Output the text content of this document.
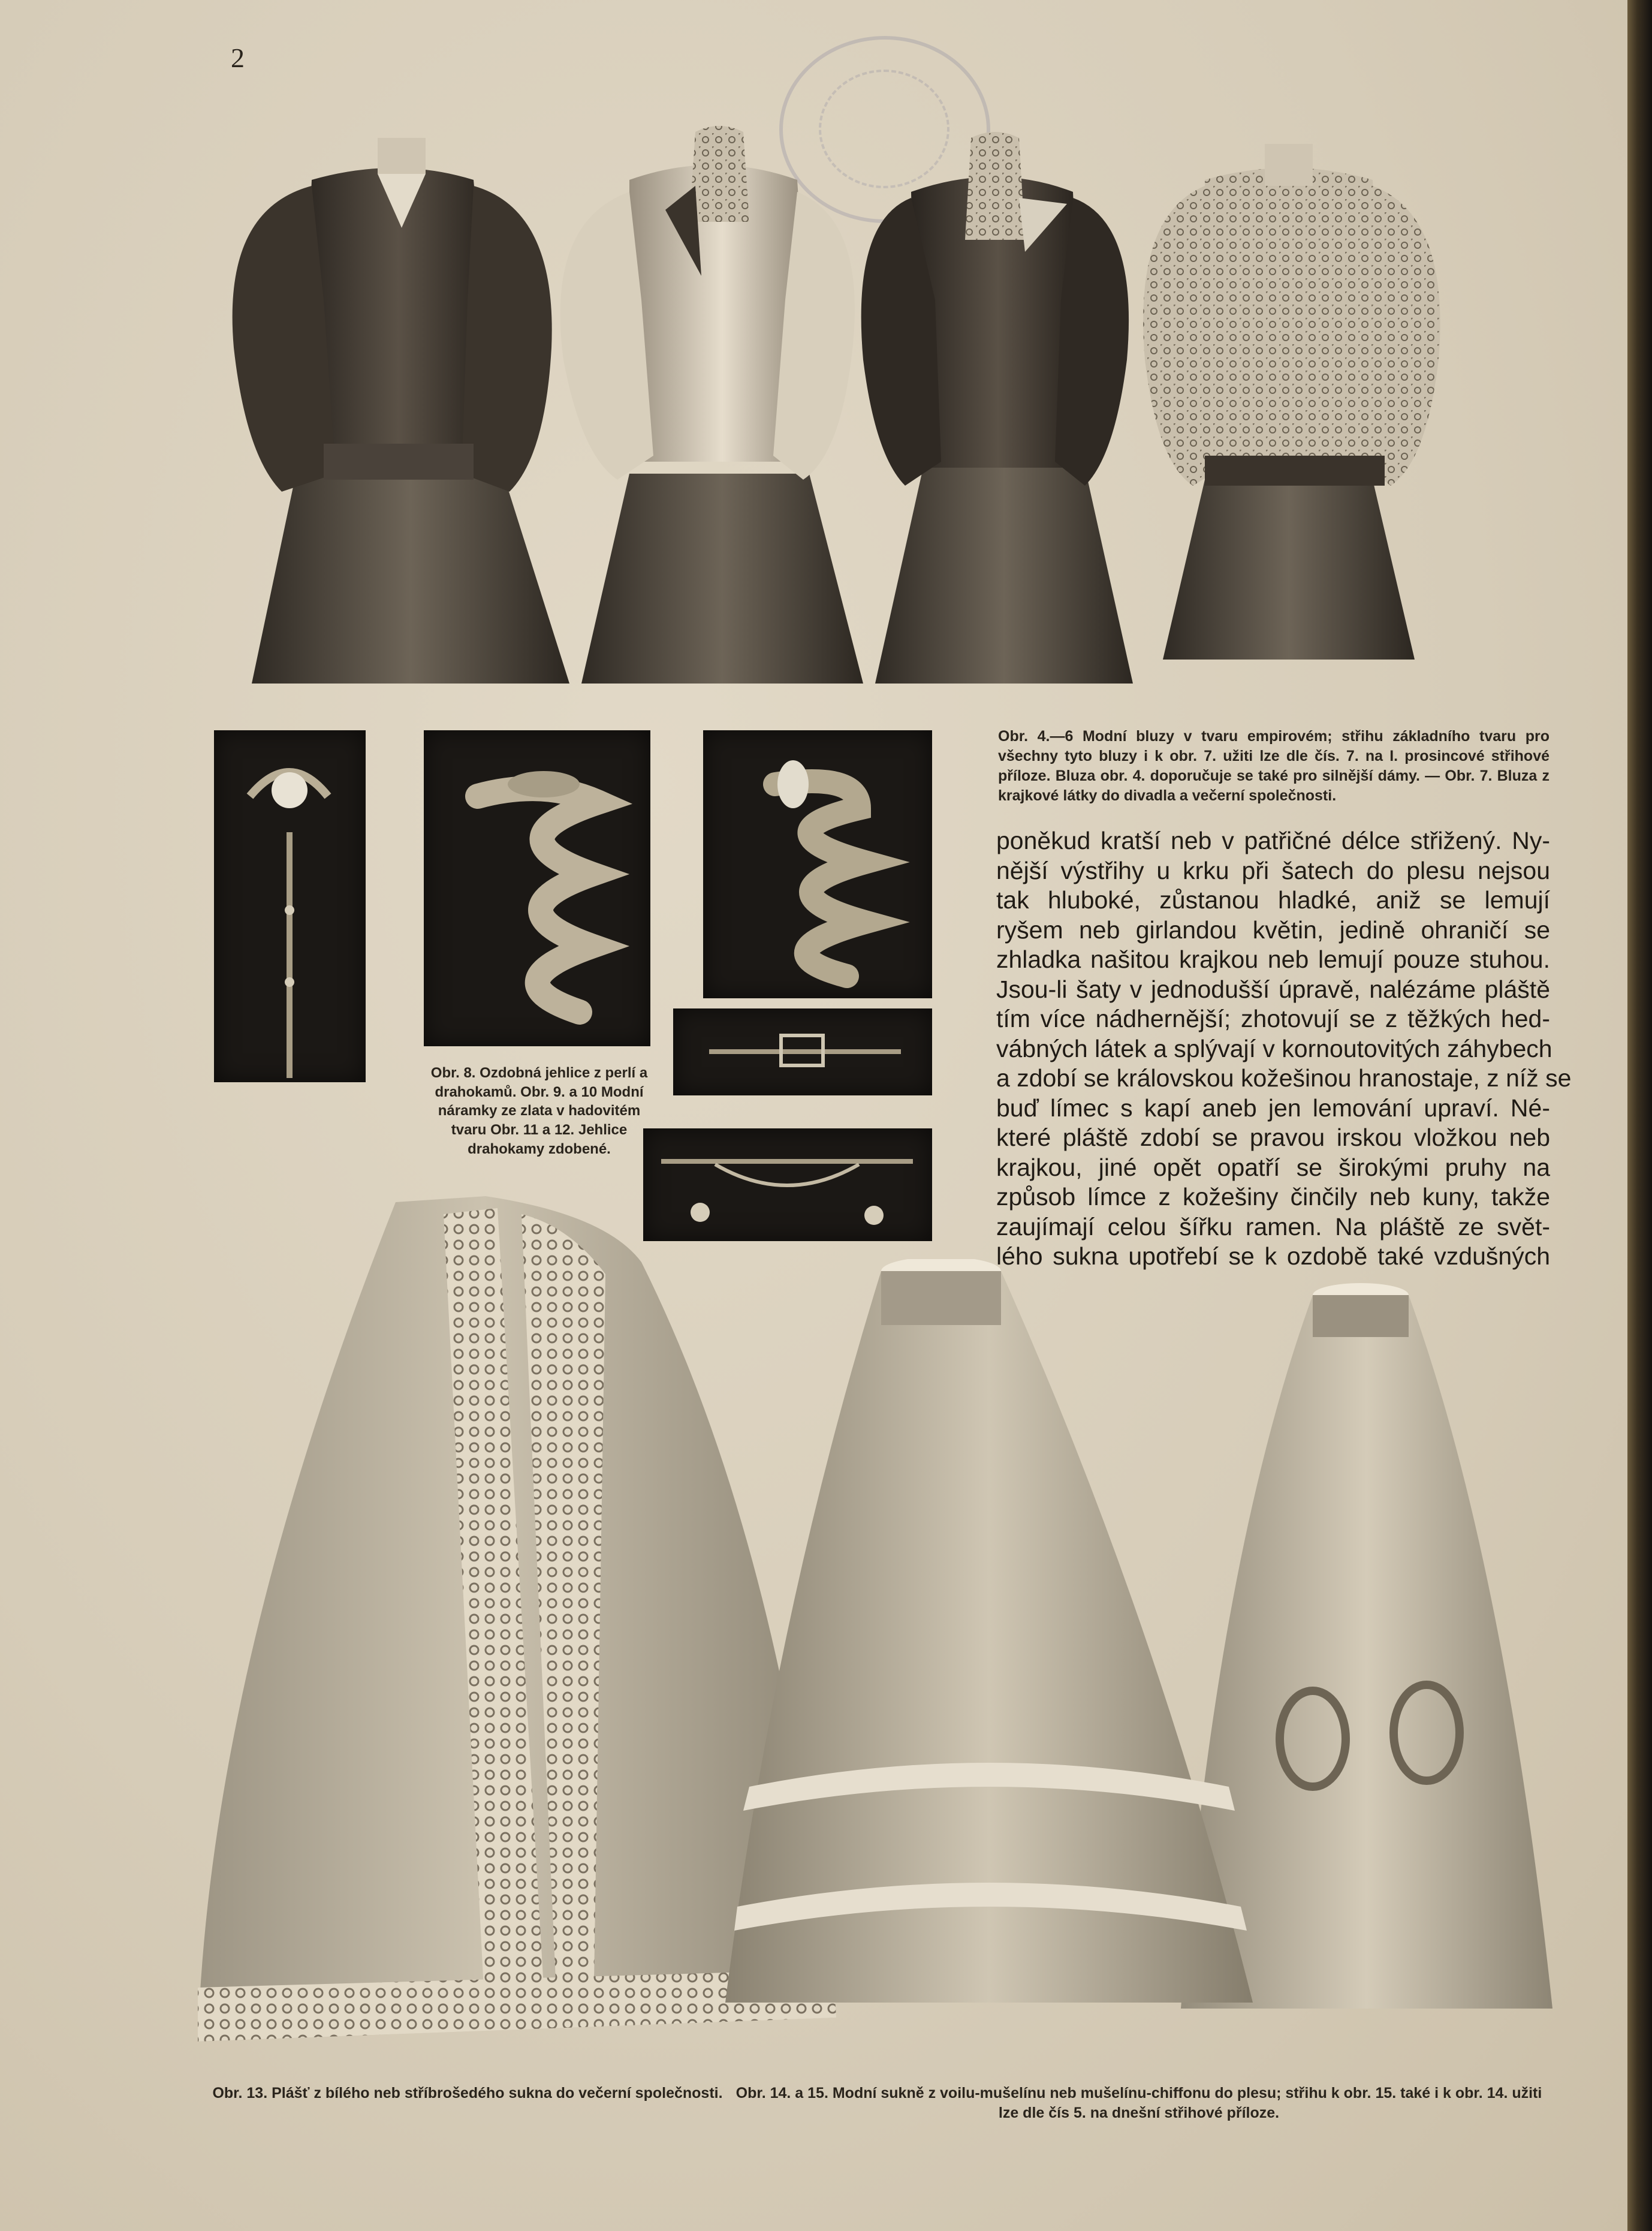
2
Obr. 4.—6 Modní bluzy v tvaru empirovém; střihu základního tvaru pro všechny tyto bluzy i k obr. 7. užiti lze dle čís. 7. na I. prosincové střihové příloze. Bluza obr. 4. doporučuje se také pro silnější dámy. — Obr. 7. Bluza z krajkové látky do divadla a večerní společnosti.
Obr. 8. Ozdobná jehlice z perlí a drahokamů. Obr. 9. a 10 Modní náramky ze zlata v hadovitém tvaru Obr. 11 a 12. Jehlice drahokamy zdobené.
poněkud kratší neb v patřičné délce střižený. Ny-
nější výstřihy u krku při šatech do plesu nejsou
tak hluboké, zůstanou hladké, aniž se lemují
ryšem neb girlandou květin, jedině ohraničí se
zhladka našitou krajkou neb lemují pouze stuhou.
Jsou-li šaty v jednodušší úpravě, nalézáme pláště
tím více nádhernější; zhotovují se z těžkých hed-
vábných látek a splývají v kornoutovitých záhybech
a zdobí se královskou kožešinou hranostaje, z níž se
buď límec s kapí aneb jen lemování upraví. Né-
které pláště zdobí se pravou irskou vložkou neb
krajkou, jiné opět opatří se širokými pruhy na
způsob límce z kožešiny činčily neb kuny, takže
zaujímají celou šířku ramen. Na pláště ze svět-
lého sukna upotřebí se k ozdobě také vzdušných
Obr. 13. Plášť z bílého neb stříbrošedého sukna do večerní společnosti. Obr. 14. a 15. Modní sukně z voilu-mušelínu neb mušelínu-chiffonu do plesu; střihu k obr. 15. také i k obr. 14. užiti lze dle čís 5. na dnešní střihové příloze.
